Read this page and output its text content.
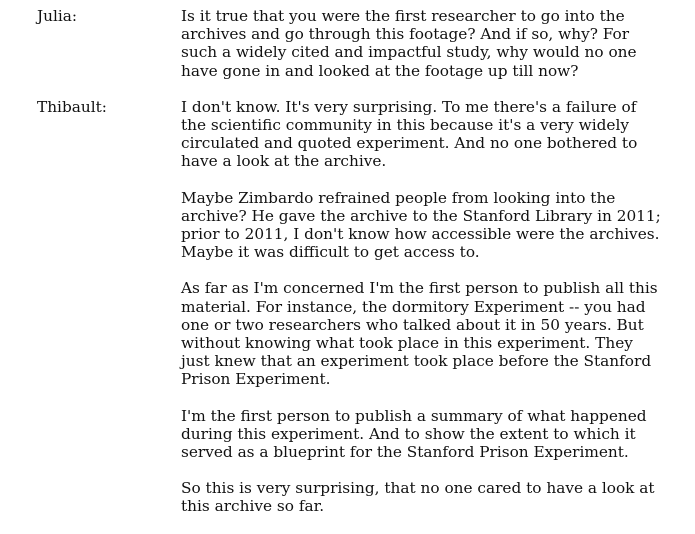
Julia:	Is it true that you were the first researcher to go into the archives and go through this footage? And if so, why? For such a widely cited and impactful study, why would no one have gone in and looked at the footage up till now?

Thibault:	I don't know. It's very surprising. To me there's a failure of the scientific community in this because it's a very widely circulated and quoted experiment. And no one bothered to have a look at the archive.

Maybe Zimbardo refrained people from looking into the archive? He gave the archive to the Stanford Library in 2011; prior to 2011, I don't know how accessible were the archives. Maybe it was difficult to get access to.

As far as I'm concerned I'm the first person to publish all this material. For instance, the dormitory Experiment -- you had one or two researchers who talked about it in 50 years. But without knowing what took place in this experiment. They just knew that an experiment took place before the Stanford Prison Experiment.

I'm the first person to publish a summary of what happened during this experiment. And to show the extent to which it served as a blueprint for the Stanford Prison Experiment.

So this is very surprising, that no one cared to have a look at this archive so far.
